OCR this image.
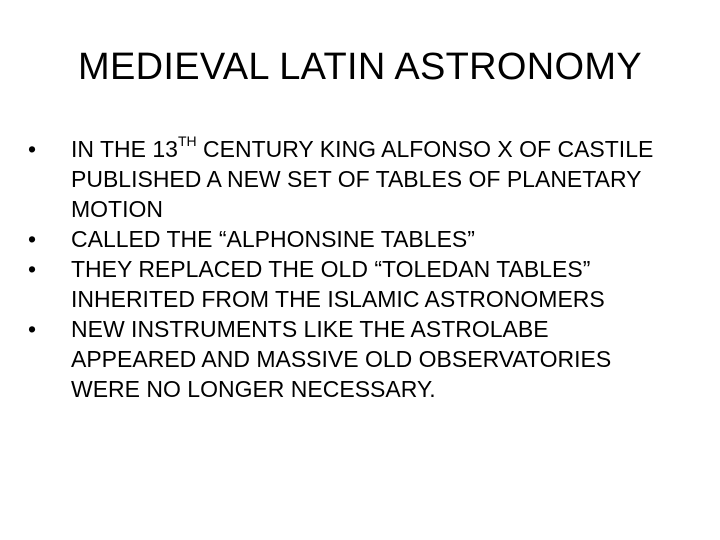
MEDIEVAL LATIN ASTRONOMY
•	IN THE 13TH CENTURY KING ALFONSO X OF CASTILE PUBLISHED A NEW SET OF TABLES OF PLANETARY MOTION
•	CALLED THE “ALPHONSINE TABLES”
•	THEY REPLACED THE OLD “TOLEDAN TABLES” INHERITED FROM THE ISLAMIC ASTRONOMERS
•	NEW INSTRUMENTS LIKE THE ASTROLABE APPEARED AND MASSIVE OLD OBSERVATORIES WERE NO LONGER NECESSARY.
